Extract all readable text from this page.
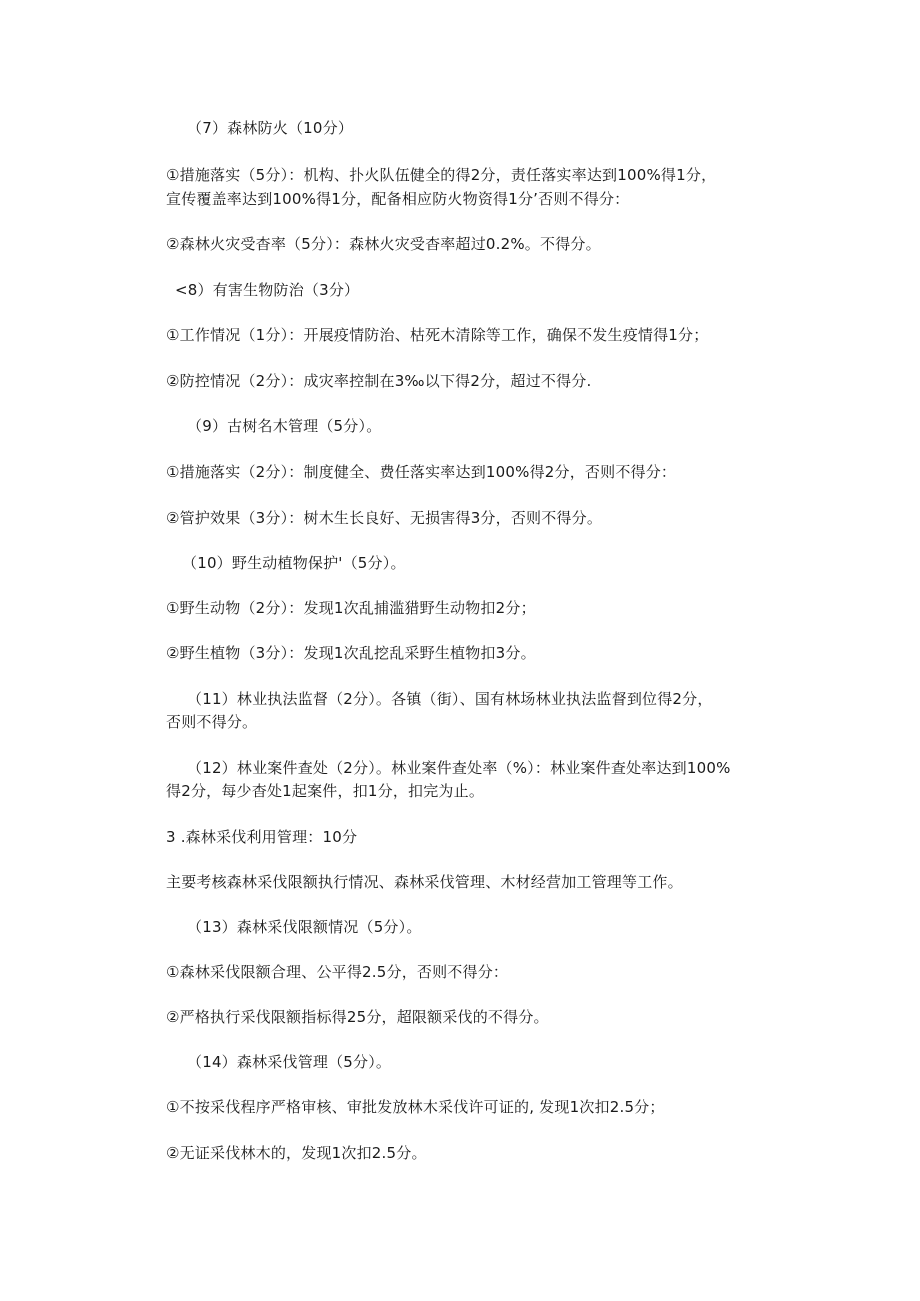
（7）森林防火（10分）
①措施落实（5分）：机构、扑火队伍健全的得2分，责任落实率达到100%得1分，
宣传覆盖率达到100%得1分，配备相应防火物资得1分’否则不得分：
②森林火灾受杳率（5分）：森林火灾受杳率超过0.2%。不得分。
<8）有害生物防治（3分）
①工作情况（1分）：开展疫情防治、枯死木清除等工作，确保不发生疫情得1分；
②防控情况（2分）：成灾率控制在3‰以下得2分，超过不得分.
（9）古树名木管理（5分）。
①措施落实（2分）：制度健全、费任落实率达到100%得2分，否则不得分：
②管护效果（3分）：树木生长良好、无损害得3分，否则不得分。
（10）野生动植物保护'（5分）。
①野生动物（2分）：发现1次乱捕滥猎野生动物扣2分；
②野生植物（3分）：发现1次乱挖乱采野生植物扣3分。
（11）林业执法监督（2分）。各镇（街）、国有林场林业执法监督到位得2分，
否则不得分。
（12）林业案件查处（2分）。林业案件查处率（%）：林业案件查处率达到100%
得2分，每少杳处1起案件，扣1分，扣完为止。
3 .森林采伐利用管理：10分
主要考核森林采伐限额执行情况、森林采伐管理、木材经营加工管理等工作。
（13）森林采伐限额情况（5分）。
①森林采伐限额合理、公平得2.5分，否则不得分：
②严格执行采伐限额指标得25分，超限额采伐的不得分。
（14）森林采伐管理（5分）。
①不按采伐程序严格审核、审批发放林木采伐许可证的, 发现1次扣2.5分；
②无证采伐林木的，发现1次扣2.5分。
